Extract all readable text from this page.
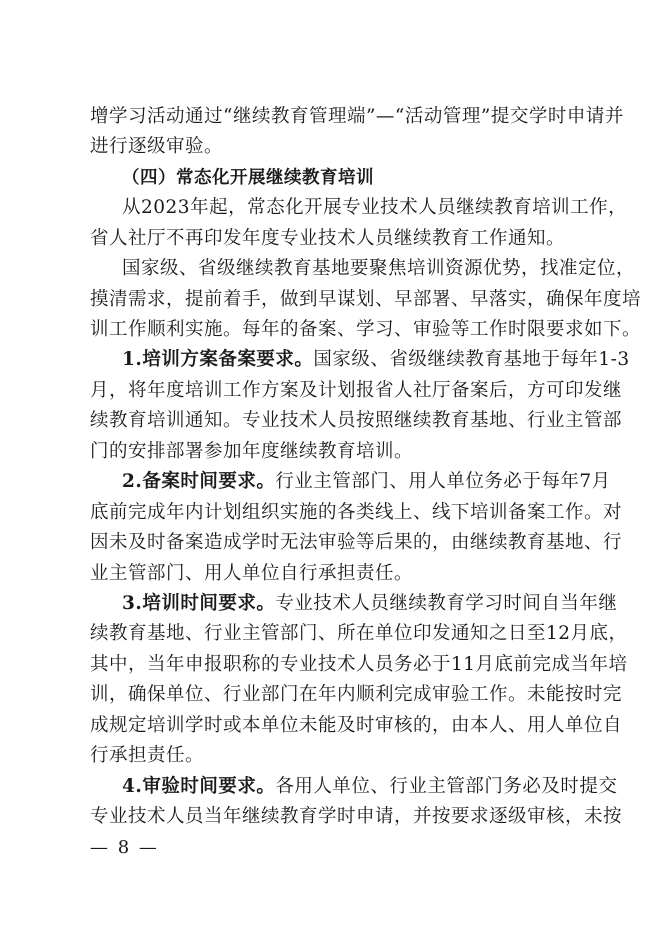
增学习活动通过“继续教育管理端”—“活动管理”提交学时申请并
进行逐级审验。
（四）常态化开展继续教育培训
从2023年起，常态化开展专业技术人员继续教育培训工作，
省人社厅不再印发年度专业技术人员继续教育工作通知。
国家级、省级继续教育基地要聚焦培训资源优势，找准定位，
摸清需求，提前着手，做到早谋划、早部署、早落实，确保年度培
训工作顺利实施。每年的备案、学习、审验等工作时限要求如下。
1.培训方案备案要求。国家级、省级继续教育基地于每年1-3
月，将年度培训工作方案及计划报省人社厅备案后，方可印发继
续教育培训通知。专业技术人员按照继续教育基地、行业主管部
门的安排部署参加年度继续教育培训。
2.备案时间要求。行业主管部门、用人单位务必于每年7月
底前完成年内计划组织实施的各类线上、线下培训备案工作。对
因未及时备案造成学时无法审验等后果的，由继续教育基地、行
业主管部门、用人单位自行承担责任。
3.培训时间要求。专业技术人员继续教育学习时间自当年继
续教育基地、行业主管部门、所在单位印发通知之日至12月底，
其中，当年申报职称的专业技术人员务必于11月底前完成当年培
训，确保单位、行业部门在年内顺利完成审验工作。未能按时完
成规定培训学时或本单位未能及时审核的，由本人、用人单位自
行承担责任。
4.审验时间要求。各用人单位、行业主管部门务必及时提交
专业技术人员当年继续教育学时申请，并按要求逐级审核，未按
— 8 —
